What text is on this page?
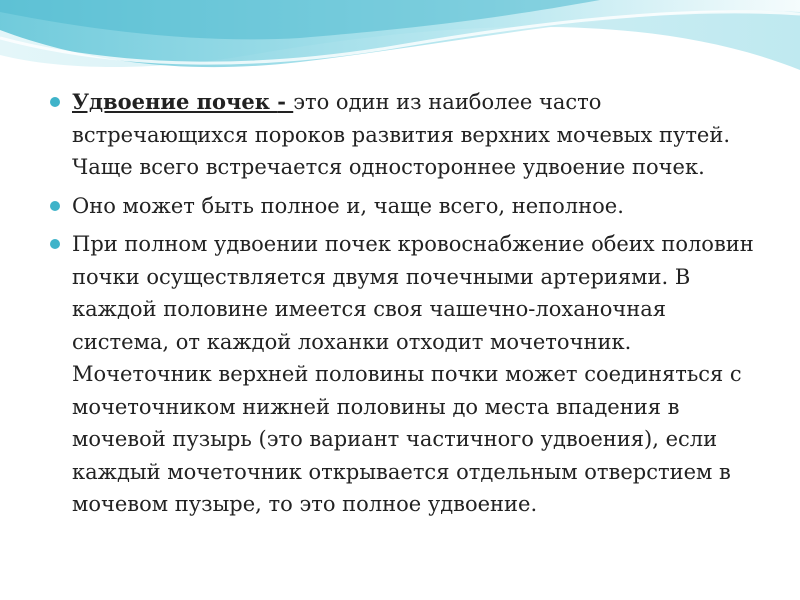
Удвоение почек - это один из наиболее часто встречающихся пороков развития верхних мочевых путей. Чаще всего встречается одностороннее удвоение почек.
Оно может быть полное и, чаще всего, неполное.
При полном удвоении почек кровоснабжение обеих половин почки осуществляется двумя почечными артериями. В каждой половине имеется своя чашечно-лоханочная система, от каждой лоханки отходит мочеточник. Мочеточник верхней половины почки может соединяться с мочеточником нижней половины до места впадения в мочевой пузырь (это вариант частичного удвоения), если каждый мочеточник открывается отдельным отверстием в мочевом пузыре, то это полное удвоение.
